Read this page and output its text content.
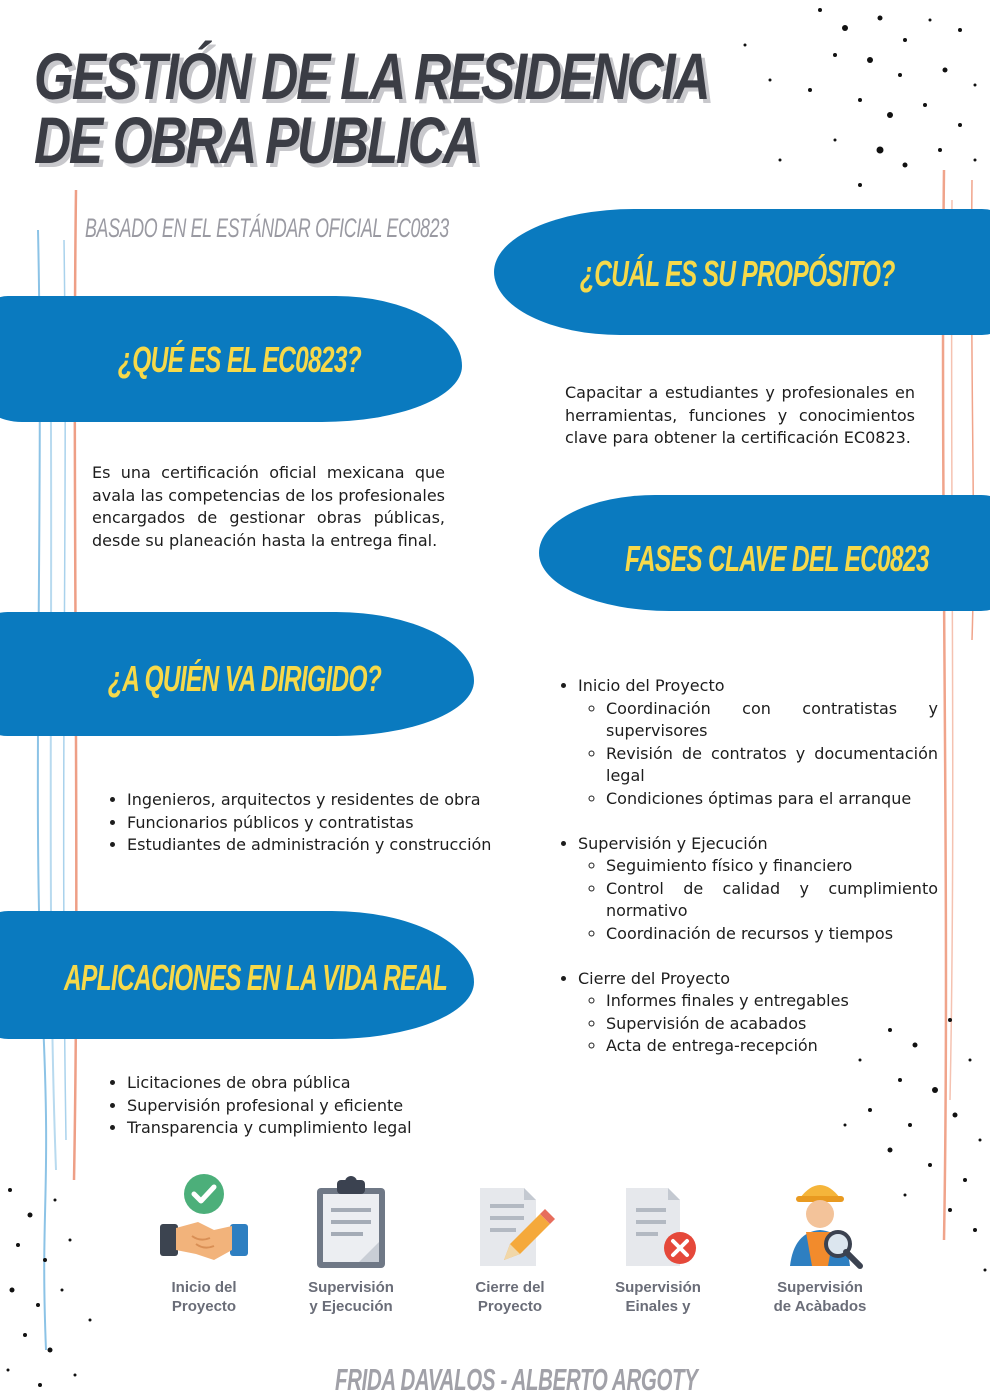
GESTIÓN DE LA RESIDENCIA
DE OBRA PUBLICA
BASADO EN EL ESTÁNDAR OFICIAL EC0823
¿QUÉ ES EL EC0823?

Es una certificación oficial mexicana que avala las competencias de los profesionales encargados de gestionar obras públicas, desde su planeación hasta la entrega final.

¿CUÁL ES SU PROPÓSITO?

Capacitar a estudiantes y profesionales en herramientas, funciones y conocimientos clave para obtener la certificación EC0823.

FASES CLAVE DEL EC0823
• Inicio del Proyecto
◦ Coordinación con contratistas y supervisores
◦ Revisión de contratos y documentación legal
◦ Condiciones óptimas para el arranque
• Supervisión y Ejecución
◦ Seguimiento físico y financiero
◦ Control de calidad y cumplimiento normativo
◦ Coordinación de recursos y tiempos
• Cierre del Proyecto
◦ Informes finales y entregables
◦ Supervisión de acabados
◦ Acta de entrega-recepción
¿A QUIÉN VA DIRIGIDO?
• Ingenieros, arquitectos y residentes de obra
• Funcionarios públicos y contratistas
• Estudiantes de administración y construcción
APLICACIONES EN LA VIDA REAL
• Licitaciones de obra pública
• Supervisión profesional y eficiente
• Transparencia y cumplimiento legal
Inicio del
Proyecto
Supervisión
y Ejecución
Cierre del
Proyecto
Supervisión
Einales y
Supervisión
de Acàbados
FRIDA DAVALOS - ALBERTO ARGOTY
